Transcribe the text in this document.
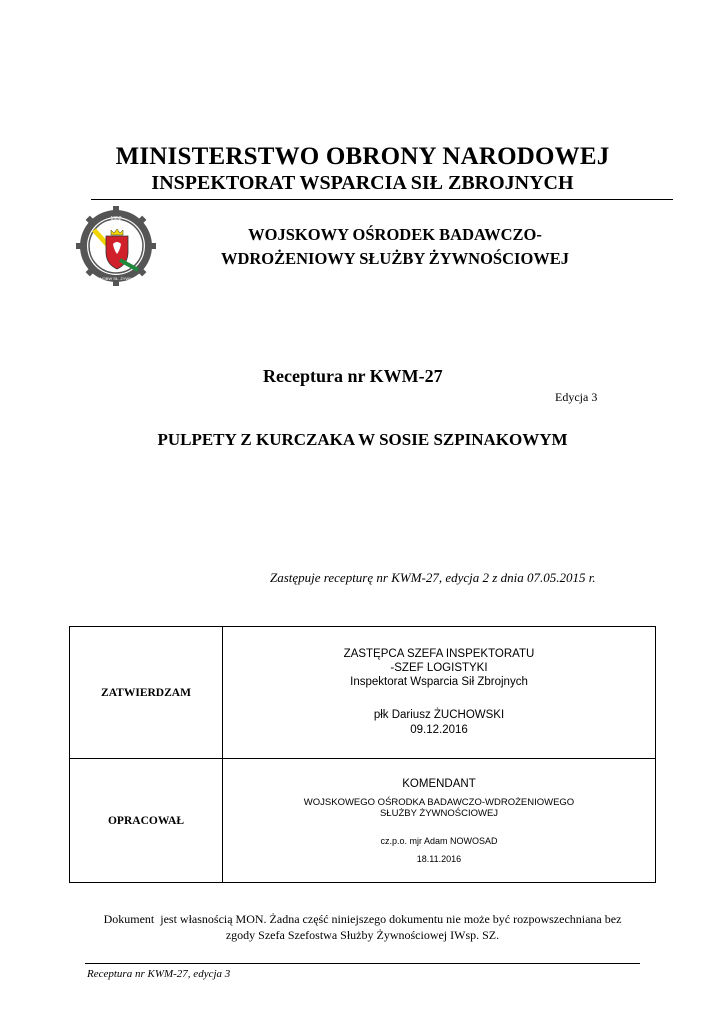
MINISTERSTWO OBRONY NARODOWEJ
INSPEKTORAT WSPARCIA SIŁ ZBROJNYCH
1952
WOBW SŁ. ŻYWN.
WOJSKOWY OŚRODEK BADAWCZO-
WDROŻENIOWY SŁUŻBY ŻYWNOŚCIOWEJ
Receptura nr KWM-27
Edycja 3
PULPETY Z KURCZAKA W SOSIE SZPINAKOWYM
Zastępuje recepturę nr KWM-27, edycja 2 z dnia 07.05.2015 r.
ZATWIERDZAM
ZASTĘPCA SZEFA INSPEKTORATU
-SZEF LOGISTYKI
Inspektorat Wsparcia Sił Zbrojnych
płk Dariusz ŻUCHOWSKI
09.12.2016
OPRACOWAŁ
KOMENDANT
WOJSKOWEGO OŚRODKA BADAWCZO-WDROŻENIOWEGO
SŁUŻBY ŻYWNOŚCIOWEJ
cz.p.o. mjr Adam NOWOSAD
18.11.2016
Dokument  jest własnością MON. Żadna część niniejszego dokumentu nie może być rozpowszechniana bez
zgody Szefa Szefostwa Służby Żywnościowej IWsp. SZ.
Receptura nr KWM-27, edycja 3
